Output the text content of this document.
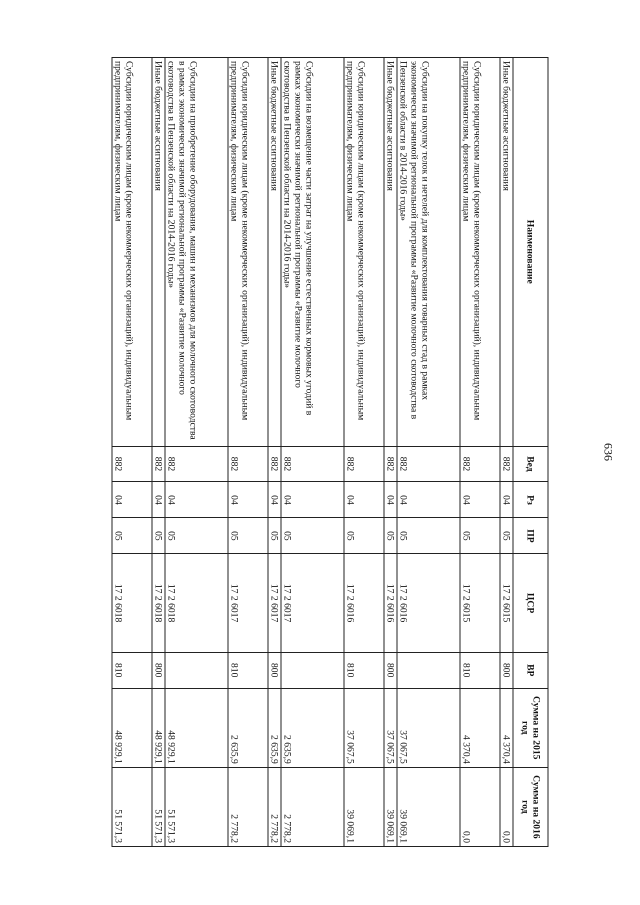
636
Наименование	Вед	Рз	ПР	ЦСР	ВР	Сумма на 2015 год	Сумма на 2016 год
Иные бюджетные ассигнования	882	04	05	17 2 6015	800	4 370,4	0,0
Субсидии юридическим лицам (кроме некоммерческих организаций), индивидуальным предпринимателям, физическим лицам	882	04	05	17 2 6015	810	4 370,4	0,0
Субсидии на покупку телок и нетелей для комплектования товарных стад в рамках экономически значимой региональной программы «Развитие молочного скотоводства в Пензенской области в 2014-2016 годы»	882	04	05	17 2 6016		37 067,5	39 069,1
Иные бюджетные ассигнования	882	04	05	17 2 6016	800	37 067,5	39 069,1
Субсидии юридическим лицам (кроме некоммерческих организаций), индивидуальным предпринимателям, физическим лицам	882	04	05	17 2 6016	810	37 067,5	39 069,1
Субсидии на возмещение части затрат на улучшение естественных кормовых угодий в рамках экономически значимой региональной программы «Развитие молочного скотоводства в Пензенской области на 2014-2016 годы»	882	04	05	17 2 6017		2 635,9	2 778,2
Иные бюджетные ассигнования	882	04	05	17 2 6017	800	2 635,9	2 778,2
Субсидии юридическим лицам (кроме некоммерческих организаций), индивидуальным предпринимателям, физическим лицам	882	04	05	17 2 6017	810	2 635,9	2 778,2
Субсидии на приобретение оборудования, машин и механизмов для молочного скотоводства в рамках экономически значимой региональной программы «Развитие молочного скотоводства в Пензенской области на 2014-2016 годы»	882	04	05	17 2 6018		48 929,1	51 571,3
Иные бюджетные ассигнования	882	04	05	17 2 6018	800	48 929,1	51 571,3
Субсидии юридическим лицам (кроме некоммерческих организаций), индивидуальным предпринимателям, физическим лицам	882	04	05	17 2 6018	810	48 929,1	51 571,3
